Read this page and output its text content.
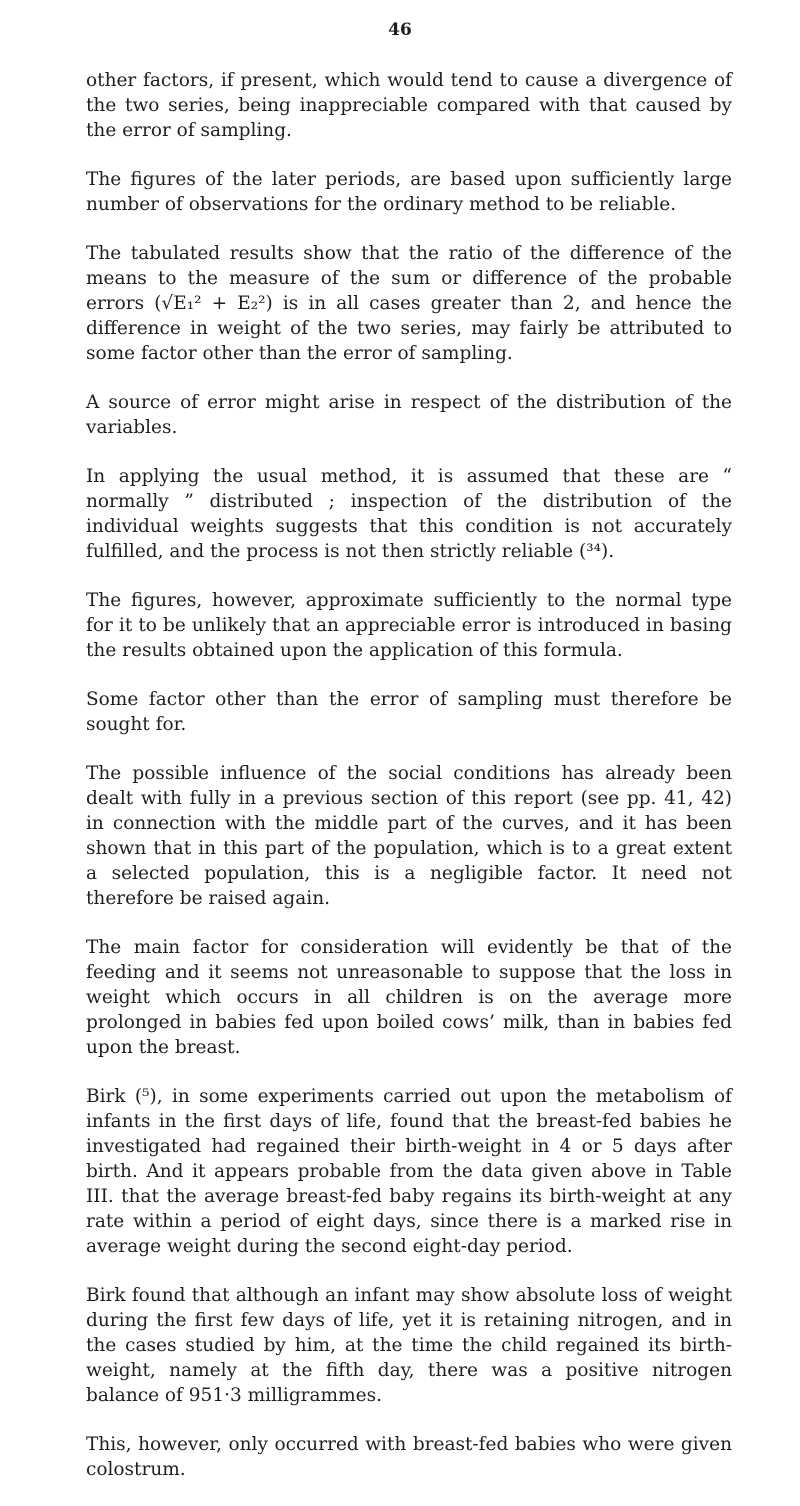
46

other factors, if present, which would tend to cause a divergence of the two series, being inappreciable compared with that caused by the error of sampling.

The figures of the later periods, are based upon sufficiently large number of observations for the ordinary method to be reliable.

The tabulated results show that the ratio of the difference of the means to the measure of the sum or difference of the probable errors (√E₁² + E₂²) is in all cases greater than 2, and hence the difference in weight of the two series, may fairly be attributed to some factor other than the error of sampling.

A source of error might arise in respect of the distribution of the variables.

In applying the usual method, it is assumed that these are “ normally ” distributed ; inspection of the distribution of the individual weights suggests that this condition is not accurately fulfilled, and the process is not then strictly reliable (³⁴).

The figures, however, approximate sufficiently to the normal type for it to be unlikely that an appreciable error is introduced in basing the results obtained upon the application of this formula.

Some factor other than the error of sampling must therefore be sought for.

The possible influence of the social conditions has already been dealt with fully in a previous section of this report (see pp. 41, 42) in connection with the middle part of the curves, and it has been shown that in this part of the population, which is to a great extent a selected population, this is a negligible factor. It need not therefore be raised again.

The main factor for consideration will evidently be that of the feeding and it seems not unreasonable to suppose that the loss in weight which occurs in all children is on the average more prolonged in babies fed upon boiled cows’ milk, than in babies fed upon the breast.

Birk (⁵), in some experiments carried out upon the metabolism of infants in the first days of life, found that the breast-fed babies he investigated had regained their birth-weight in 4 or 5 days after birth. And it appears probable from the data given above in Table III. that the average breast-fed baby regains its birth-weight at any rate within a period of eight days, since there is a marked rise in average weight during the second eight-day period.

Birk found that although an infant may show absolute loss of weight during the first few days of life, yet it is retaining nitrogen, and in the cases studied by him, at the time the child regained its birth-weight, namely at the fifth day, there was a positive nitrogen balance of 951·3 milligrammes.

This, however, only occurred with breast-fed babies who were given colostrum.
